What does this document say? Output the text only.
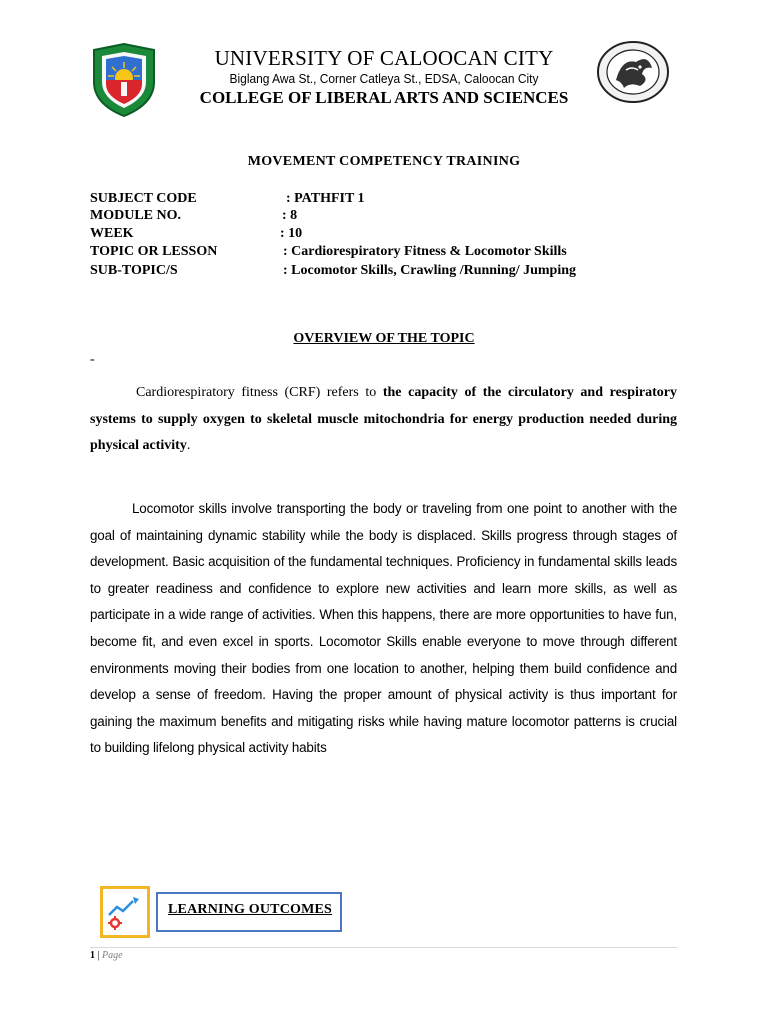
UNIVERSITY OF CALOOCAN CITY
Biglang Awa St., Corner Catleya St., EDSA, Caloocan City
COLLEGE OF LIBERAL ARTS AND SCIENCES
MOVEMENT COMPETENCY TRAINING
SUBJECT CODE	: PATHFIT 1
MODULE NO.	: 8
WEEK	: 10
TOPIC OR LESSON	: Cardiorespiratory Fitness & Locomotor Skills
SUB-TOPIC/S	: Locomotor Skills, Crawling /Running/ Jumping
OVERVIEW OF THE TOPIC
-
Cardiorespiratory fitness (CRF) refers to the capacity of the circulatory and respiratory systems to supply oxygen to skeletal muscle mitochondria for energy production needed during physical activity.
Locomotor skills involve transporting the body or traveling from one point to another with the goal of maintaining dynamic stability while the body is displaced. Skills progress through stages of development. Basic acquisition of the fundamental techniques. Proficiency in fundamental skills leads to greater readiness and confidence to explore new activities and learn more skills, as well as participate in a wide range of activities. When this happens, there are more opportunities to have fun, become fit, and even excel in sports. Locomotor Skills enable everyone to move through different environments moving their bodies from one location to another, helping them build confidence and develop a sense of freedom. Having the proper amount of physical activity is thus important for gaining the maximum benefits and mitigating risks while having mature locomotor patterns is crucial to building lifelong physical activity habits
LEARNING OUTCOMES
1 | Page
